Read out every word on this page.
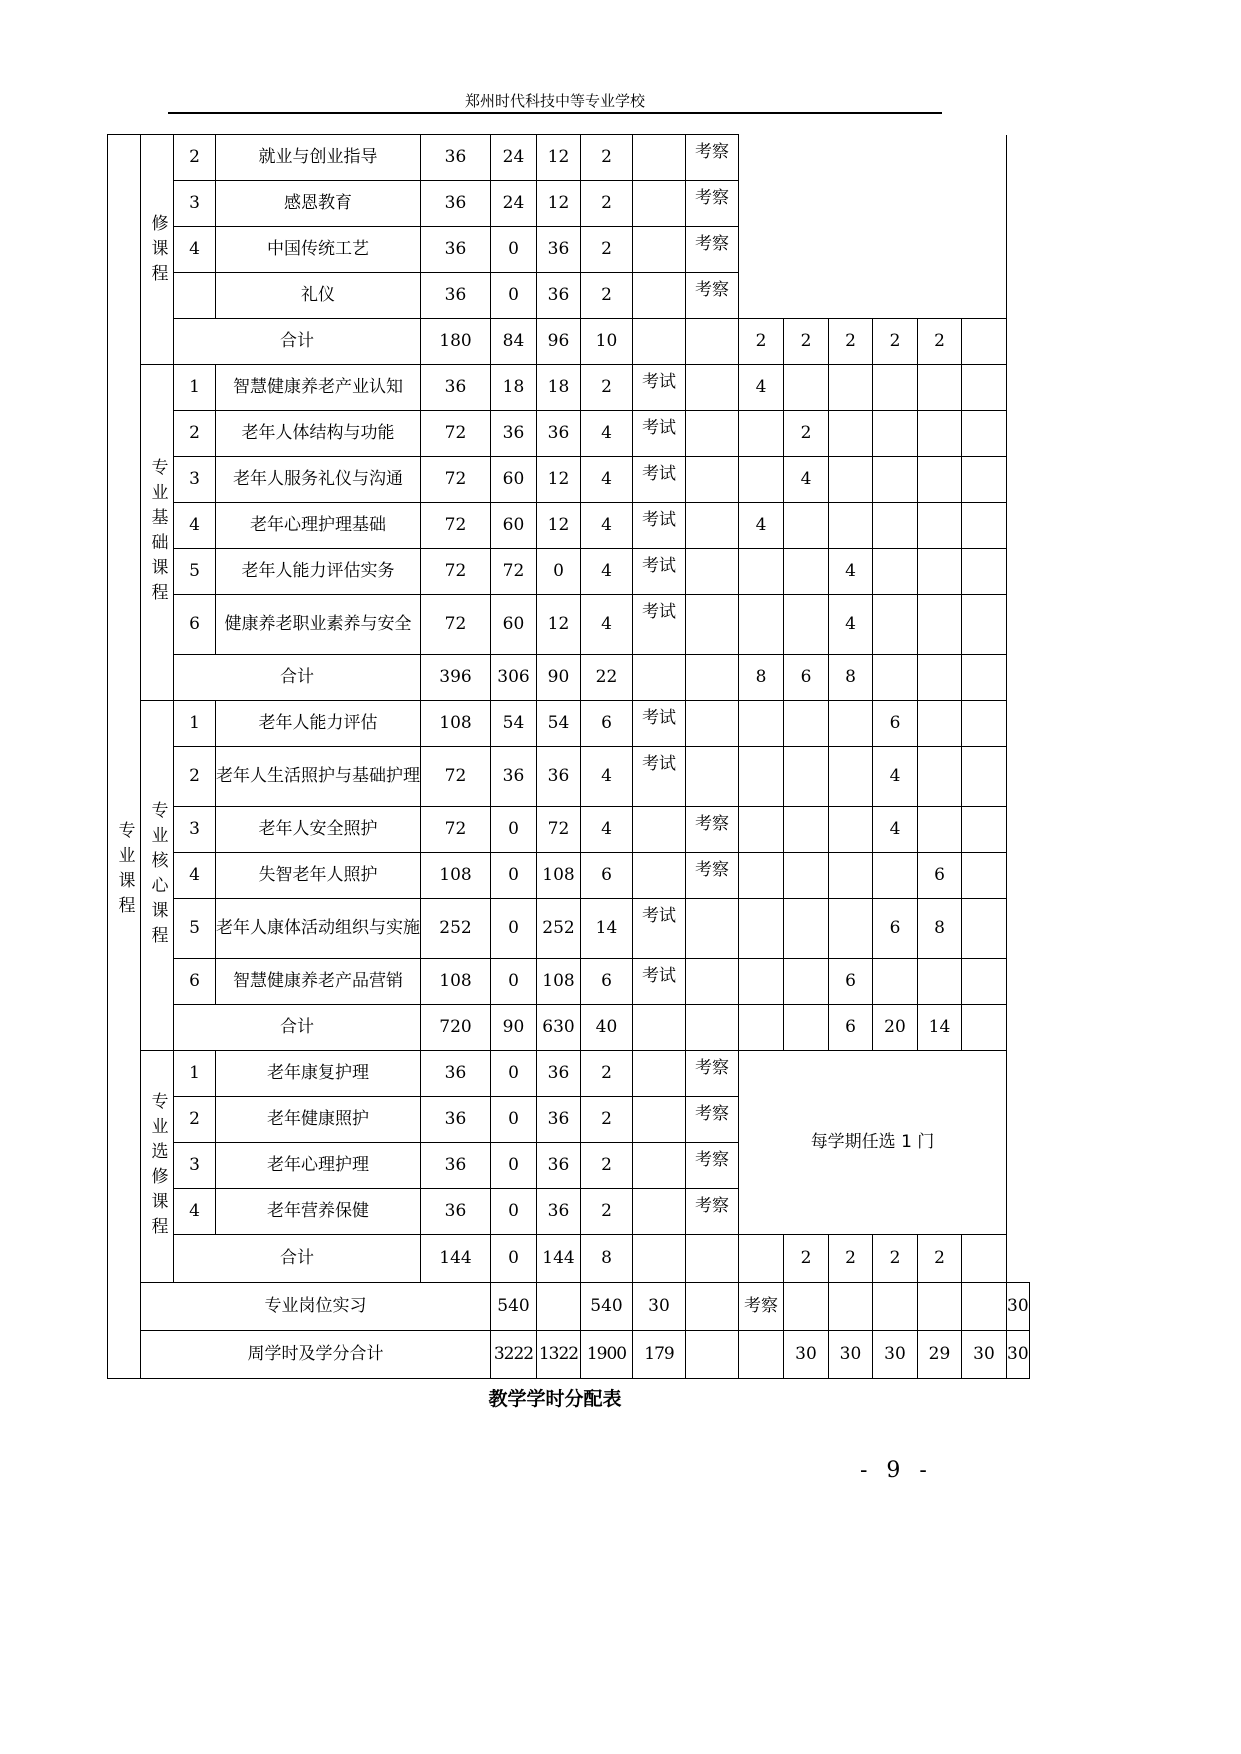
郑州时代科技中等专业学校
	修课程	2	就业与创业指导	36	24	12	2		考察							
		3	感恩教育	36	24	12	2		考察							
		4	中国传统工艺	36	0	36	2		考察							
			礼仪	36	0	36	2		考察							
		合计		180	84	96	10			2	2	2	2	2		
专业课程	专业基础课程	1	智慧健康养老产业认知	36	18	18	2	考试		4						
		2	老年人体结构与功能	72	36	36	4	考试			2					
		3	老年人服务礼仪与沟通	72	60	12	4	考试			4					
		4	老年心理护理基础	72	60	12	4	考试		4						
		5	老年人能力评估实务	72	72	0	4	考试				4				
		6	健康养老职业素养与安全	72	60	12	4	考试				4				
		合计		396	306	90	22			8	6	8				
	专业核心课程	1	老年人能力评估	108	54	54	6	考试					6			
		2	老年人生活照护与基础护理	72	36	36	4	考试					4			
		3	老年人安全照护	72	0	72	4		考察				4			
		4	失智老年人照护	108	0	108	6		考察					6		
		5	老年人康体活动组织与实施	252	0	252	14	考试					6	8		
		6	智慧健康养老产品营销	108	0	108	6	考试				6				
		合计		720	90	630	40					6	20	14		
	专业选修课程	1	老年康复护理	36	0	36	2		考察	每学期任选 1 门						
		2	老年健康照护	36	0	36	2		考察							
		3	老年心理护理	36	0	36	2		考察							
		4	老年营养保健	36	0	36	2		考察							
		合计		144	0	144	8				2	2	2	2		
	专业岗位实习				540		540	30		考察						30
	周学时及学分合计				3222	1322	1900	179			30	30	30	29	30	30
教学学时分配表
- 9 -
